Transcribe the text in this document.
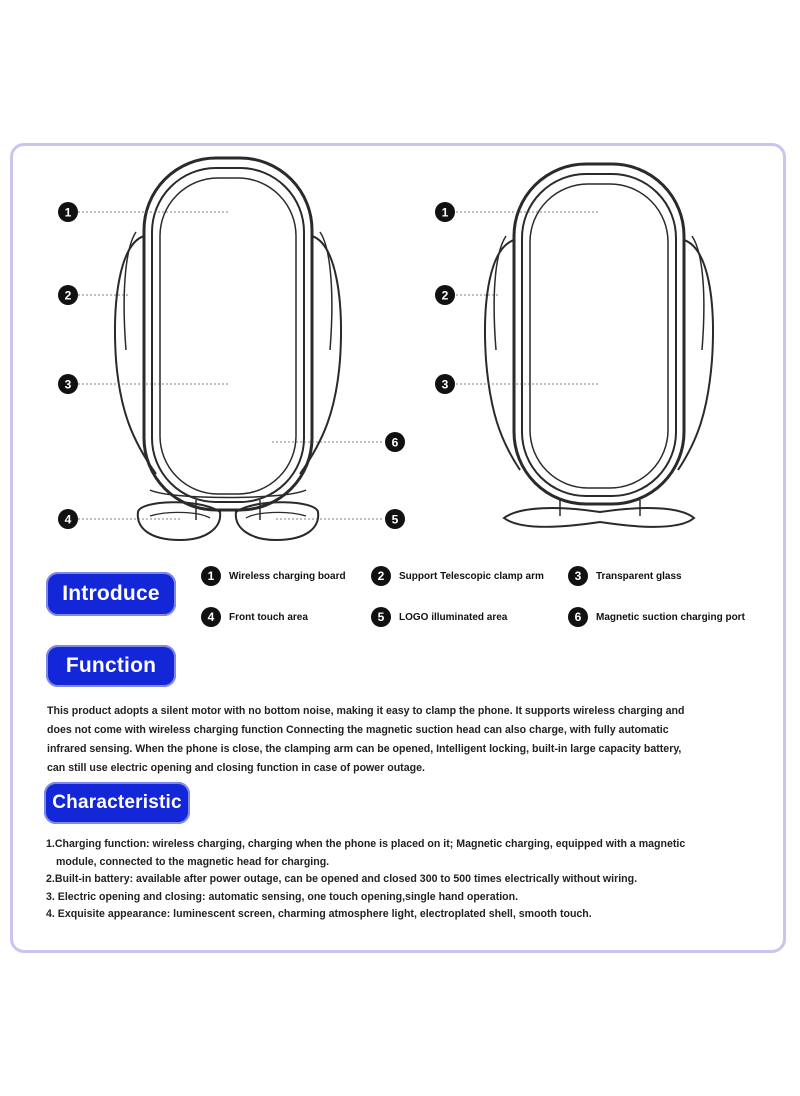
1
2
3
4	5
6
1
2
3
Introduce
1	Wireless charging board	2	Support Telescopic clamp arm	3	Transparent glass
4	Front touch area	5	LOGO illuminated area	6	Magnetic suction charging port
Function
This product adopts a silent motor with no bottom noise, making it easy to clamp the phone. It supports wireless charging and
does not come with wireless charging function Connecting the magnetic suction head can also charge, with fully automatic
infrared sensing. When the phone is close, the clamping arm can be opened, Intelligent locking, built-in large capacity battery,
can still use electric opening and closing function in case of power outage.
Characteristic
1.Charging function: wireless charging, charging when the phone is placed on it; Magnetic charging, equipped with a magnetic
module, connected to the magnetic head for charging.
2.Built-in battery: available after power outage, can be opened and closed 300 to 500 times electrically without wiring.
3. Electric opening and closing: automatic sensing, one touch opening,single hand operation.
4. Exquisite appearance: luminescent screen, charming atmosphere light, electroplated shell, smooth touch.
